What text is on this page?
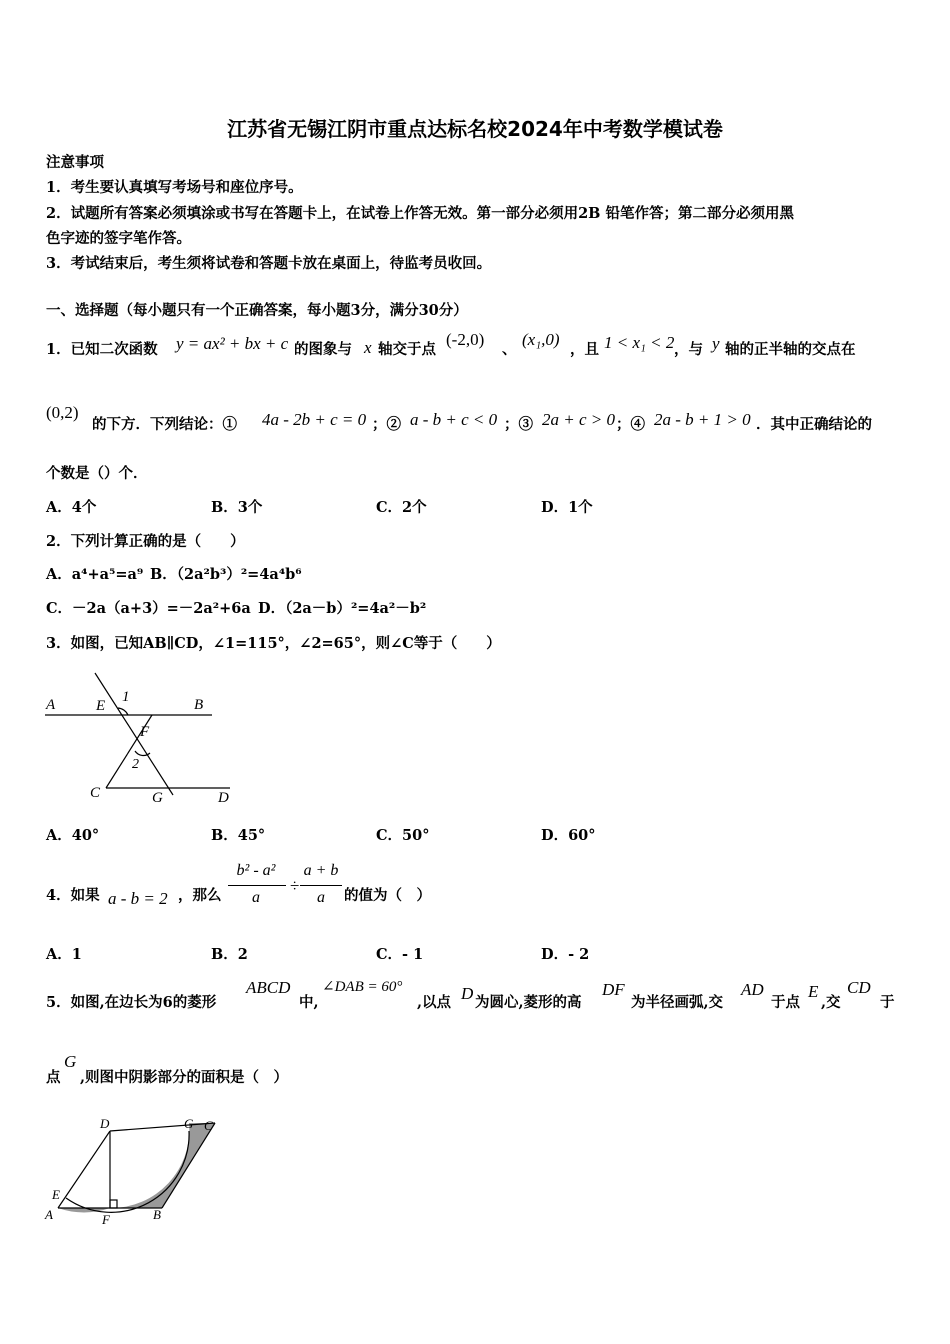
江苏省无锡江阴市重点达标名校2024年中考数学模试卷
注意事项
1．考生要认真填写考场号和座位序号。
2．试题所有答案必须填涂或书写在答题卡上，在试卷上作答无效。第一部分必须用2B 铅笔作答；第二部分必须用黑
色字迹的签字笔作答。
3．考试结束后，考生须将试卷和答题卡放在桌面上，待监考员收回。
一、选择题（每小题只有一个正确答案，每小题3分，满分30分）
1．已知二次函数 y = ax² + bx + c 的图象与 x 轴交于点
(-2,0)
、
(x₁,0)
，且 1 < x₁ < 2 ，与 y 轴的正半轴的交点在
(0,2)
的下方．下列结论：① 4a - 2b + c = 0 ；② a - b + c < 0 ；③ 2a + c > 0 ；④ 2a - b + 1 > 0 ．其中正确结论的
个数是（）个．
A．4个	B．3个	C．2个	D．1个
2．下列计算正确的是（　　）
A．a⁴+a⁵=a⁹ B．（2a²b³）²=4a⁴b⁶
C．－2a（a+3）=－2a²+6a D．（2a－b）²=4a²－b²
3．如图，已知AB∥CD，∠1=115°，∠2=65°，则∠C等于（　　）
A	E
1	B
F
2
C	G	D
A．40°	B．45°	C．50°	D．60°
4．如果 a - b = 2 ，那么
b² - a²
a
÷
a + b
a	的值为（　）
A．1	B．2	C．- 1	D．- 2
5．如图,在边长为6的菱形
ABCD
中,
∠DAB = 60°
,以点 D 为圆心,菱形的高
DF
为半径画弧,交
AD
于点
E
,交
CD
于
点
G
,则图中阴影部分的面积是（　）
D	G C
E
A	F	B
